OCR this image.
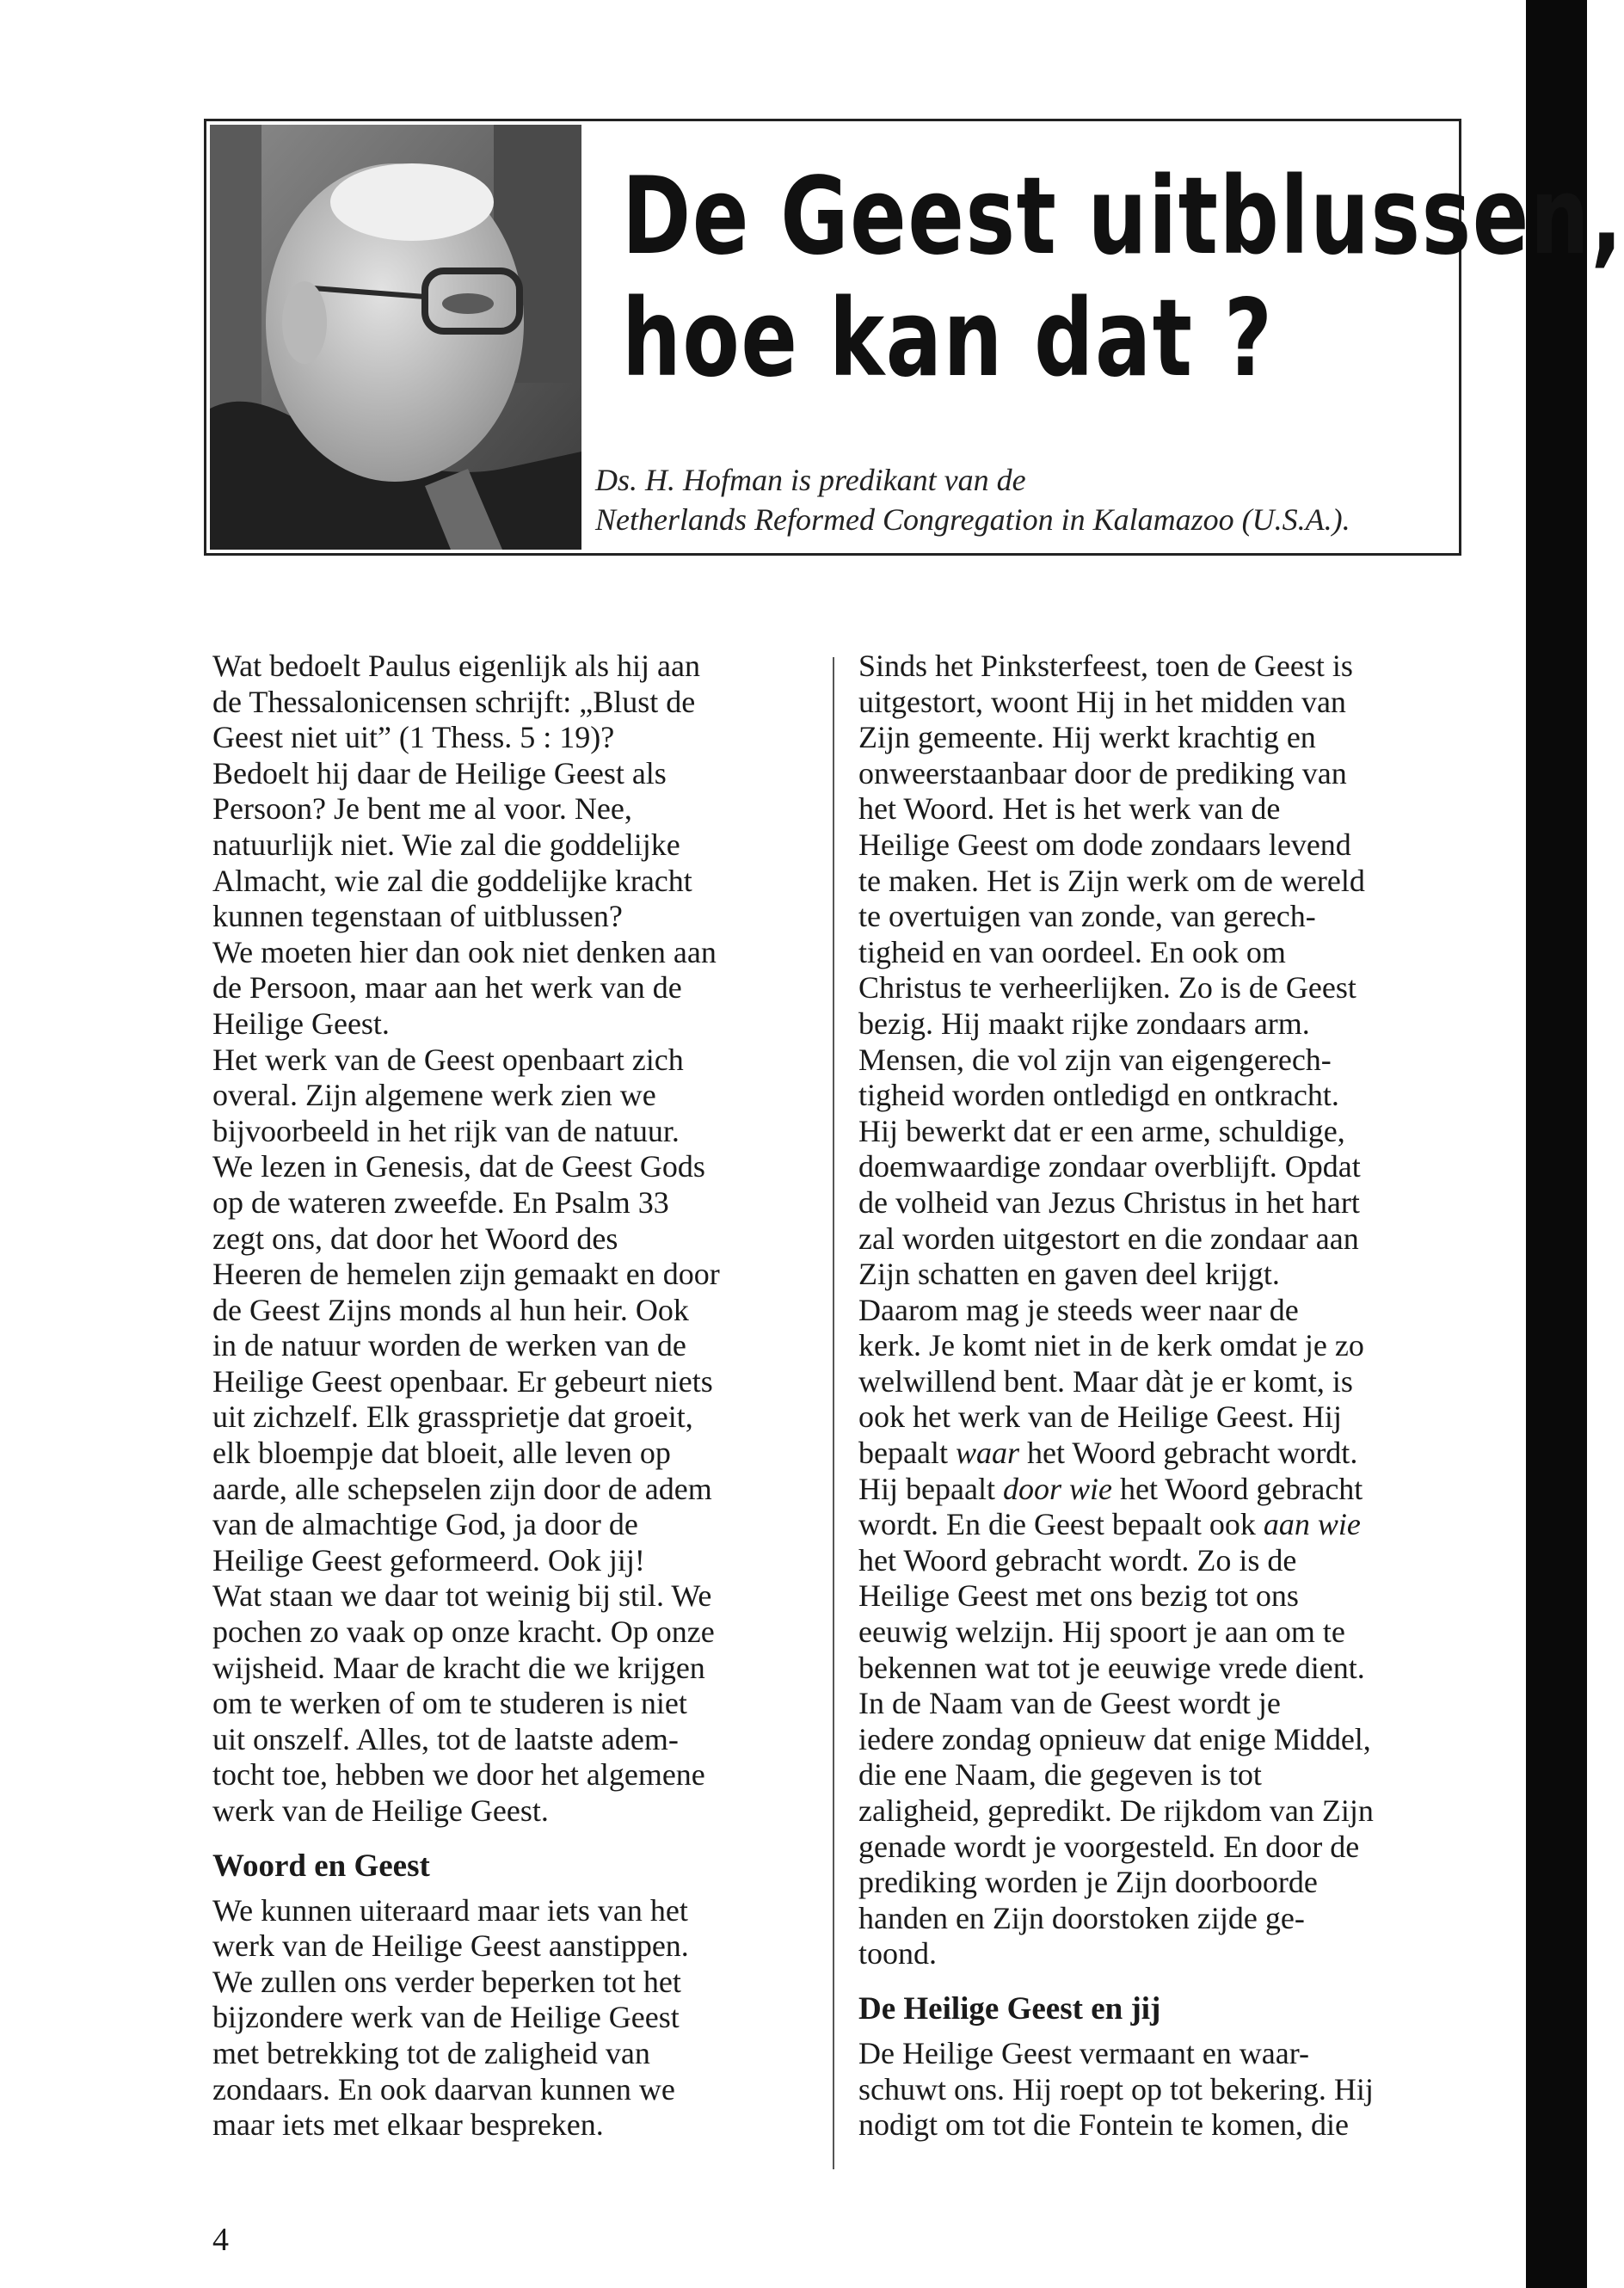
De Geest uitblussen,
hoe kan dat ?
Ds. H. Hofman is predikant van de
Netherlands Reformed Congregation in Kalamazoo (U.S.A.).
Wat bedoelt Paulus eigenlijk als hij aan
de Thessalonicensen schrijft: „Blust de
Geest niet uit” (1 Thess. 5 : 19)?
Bedoelt hij daar de Heilige Geest als
Persoon? Je bent me al voor. Nee,
natuurlijk niet. Wie zal die goddelijke
Almacht, wie zal die goddelijke kracht
kunnen tegenstaan of uitblussen?
We moeten hier dan ook niet denken aan
de Persoon, maar aan het werk van de
Heilige Geest.
Het werk van de Geest openbaart zich
overal. Zijn algemene werk zien we
bijvoorbeeld in het rijk van de natuur.
We lezen in Genesis, dat de Geest Gods
op de wateren zweefde. En Psalm 33
zegt ons, dat door het Woord des
Heeren de hemelen zijn gemaakt en door
de Geest Zijns monds al hun heir. Ook
in de natuur worden de werken van de
Heilige Geest openbaar. Er gebeurt niets
uit zichzelf. Elk grassprietje dat groeit,
elk bloempje dat bloeit, alle leven op
aarde, alle schepselen zijn door de adem
van de almachtige God, ja door de
Heilige Geest geformeerd. Ook jij!
Wat staan we daar tot weinig bij stil. We
pochen zo vaak op onze kracht. Op onze
wijsheid. Maar de kracht die we krijgen
om te werken of om te studeren is niet
uit onszelf. Alles, tot de laatste adem-
tocht toe, hebben we door het algemene
werk van de Heilige Geest.
Woord en Geest
We kunnen uiteraard maar iets van het
werk van de Heilige Geest aanstippen.
We zullen ons verder beperken tot het
bijzondere werk van de Heilige Geest
met betrekking tot de zaligheid van
zondaars. En ook daarvan kunnen we
maar iets met elkaar bespreken.
Sinds het Pinksterfeest, toen de Geest is
uitgestort, woont Hij in het midden van
Zijn gemeente. Hij werkt krachtig en
onweerstaanbaar door de prediking van
het Woord. Het is het werk van de
Heilige Geest om dode zondaars levend
te maken. Het is Zijn werk om de wereld
te overtuigen van zonde, van gerech-
tigheid en van oordeel. En ook om
Christus te verheerlijken. Zo is de Geest
bezig. Hij maakt rijke zondaars arm.
Mensen, die vol zijn van eigengerech-
tigheid worden ontledigd en ontkracht.
Hij bewerkt dat er een arme, schuldige,
doemwaardige zondaar overblijft. Opdat
de volheid van Jezus Christus in het hart
zal worden uitgestort en die zondaar aan
Zijn schatten en gaven deel krijgt.
Daarom mag je steeds weer naar de
kerk. Je komt niet in de kerk omdat je zo
welwillend bent. Maar dàt je er komt, is
ook het werk van de Heilige Geest. Hij
bepaalt waar het Woord gebracht wordt.
Hij bepaalt door wie het Woord gebracht
wordt. En die Geest bepaalt ook aan wie
het Woord gebracht wordt. Zo is de
Heilige Geest met ons bezig tot ons
eeuwig welzijn. Hij spoort je aan om te
bekennen wat tot je eeuwige vrede dient.
In de Naam van de Geest wordt je
iedere zondag opnieuw dat enige Middel,
die ene Naam, die gegeven is tot
zaligheid, gepredikt. De rijkdom van Zijn
genade wordt je voorgesteld. En door de
prediking worden je Zijn doorboorde
handen en Zijn doorstoken zijde ge-
toond.
De Heilige Geest en jij
De Heilige Geest vermaant en waar-
schuwt ons. Hij roept op tot bekering. Hij
nodigt om tot die Fontein te komen, die
4
